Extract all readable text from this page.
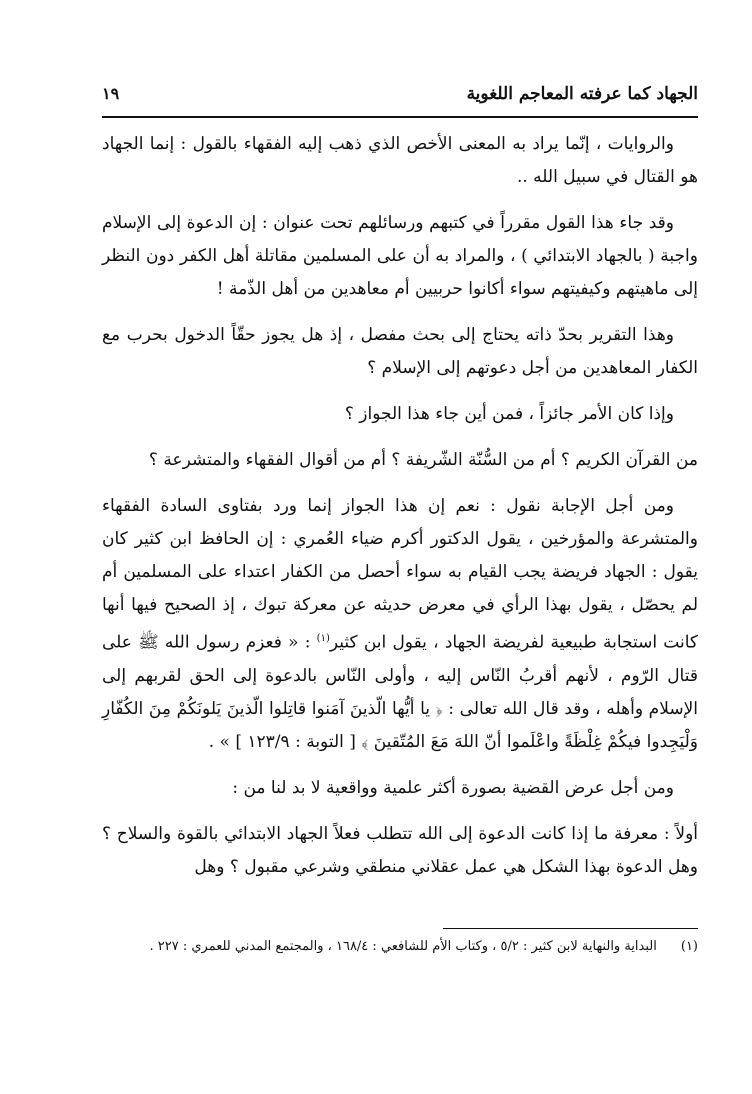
الجهاد كما عرفته المعاجم اللغوية
١٩

والروايات ، إنّما يراد به المعنى الأخص الذي ذهب إليه الفقهاء بالقول : إنما الجهاد هو القتال في سبيل الله ..

وقد جاء هذا القول مقرراً في كتبهم ورسائلهم تحت عنوان : إن الدعوة إلى الإسلام واجبة ( بالجهاد الابتدائي ) ، والمراد به أن على المسلمين مقاتلة أهل الكفر دون النظر إلى ماهيتهم وكيفيتهم سواء أكانوا حربيين أم معاهدين من أهل الذّمة !

وهذا التقرير بحدّ ذاته يحتاج إلى بحث مفصل ، إذ هل يجوز حقّاً الدخول بحرب مع الكفار المعاهدين من أجل دعوتهم إلى الإسلام ؟

وإذا كان الأمر جائزاً ، فمن أين جاء هذا الجواز ؟

من القرآن الكريم ؟ أم من السُّنّة الشّريفة ؟ أم من أقوال الفقهاء والمتشرعة ؟

ومن أجل الإجابة نقول : نعم إن هذا الجواز إنما ورد بفتاوى السادة الفقهاء والمتشرعة والمؤرخين ، يقول الدكتور أكرم ضياء العُمري : إن الحافظ ابن كثير كان يقول : الجهاد فريضة يجب القيام به سواء أحصل من الكفار اعتداء على المسلمين أم لم يحصّل ، يقول بهذا الرأي في معرض حديثه عن معركة تبوك ، إذ الصحيح فيها أنها كانت استجابة طبيعية لفريضة الجهاد ، يقول ابن كثير$^{(١)}$ : « فعزم رسول الله ﷺ على قتال الرّوم ، لأنهم أقربُ النّاس إليه ، وأولى النّاس بالدعوة إلى الحق لقربهم إلى الإسلام وأهله ، وقد قال الله تعالى : ﴿ يا أيُّها الّذينَ آمَنوا قاتِلوا الّذينَ يَلونَكُمْ مِنَ الكُفّارِ وَلْيَجِدوا فيكُمْ غِلْظَةً واعْلَموا أنّ اللهَ مَعَ المُتّقينَ ﴾ [ التوبة : ١٢٣/٩ ] » .

ومن أجل عرض القضية بصورة أكثر علمية وواقعية لا بد لنا من :

أولاً : معرفة ما إذا كانت الدعوة إلى الله تتطلب فعلاً الجهاد الابتدائي بالقوة والسلاح ؟ وهل الدعوة بهذا الشكل هي عمل عقلاني منطقي وشرعي مقبول ؟ وهل

(١)البداية والنهاية لابن كثير : ٥/٢ ، وكتاب الأم للشافعي : ١٦٨/٤ ، والمجتمع المدني للعمري : ٢٢٧ .
